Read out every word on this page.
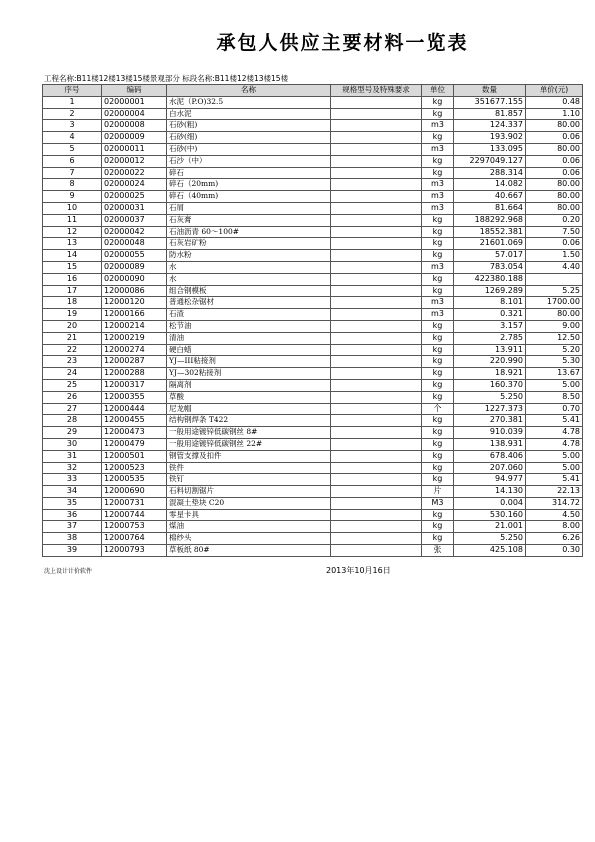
承包人供应主要材料一览表
工程名称:B11楼12楼13楼15楼景观部分 标段名称:B11楼12楼13楼15楼
序号	编码	名称	规格型号及特殊要求	单位	数量	单价(元)
1	02000001	水泥（P.O)32.5		kg	351677.155	0.48
2	02000004	白水泥		kg	81.857	1.10
3	02000008	石砂(粗)		m3	124.337	80.00
4	02000009	石砂(细)		kg	193.902	0.06
5	02000011	石砂(中)		m3	133.095	80.00
6	02000012	石沙（中）		kg	2297049.127	0.06
7	02000022	碎石		kg	288.314	0.06
8	02000024	碎石（20mm)		m3	14.082	80.00
9	02000025	碎石（40mm)		m3	40.667	80.00
10	02000031	石屑		m3	81.664	80.00
11	02000037	石灰膏		kg	188292.968	0.20
12	02000042	石油沥青 60～100#		kg	18552.381	7.50
13	02000048	石灰岩矿粉		kg	21601.069	0.06
14	02000055	防水粉		kg	57.017	1.50
15	02000089	水		m3	783.054	4.40
16	02000090	水		kg	422380.188	
17	12000086	组合钢模板		kg	1269.289	5.25
18	12000120	普通松杂锯材		m3	8.101	1700.00
19	12000166	石渣		m3	0.321	80.00
20	12000214	松节油		kg	3.157	9.00
21	12000219	清油		kg	2.785	12.50
22	12000274	硬白蜡		kg	13.911	5.20
23	12000287	YJ—III粘接剂		kg	220.990	5.30
24	12000288	YJ—302粘接剂		kg	18.921	13.67
25	12000317	隔离剂		kg	160.370	5.00
26	12000355	草酸		kg	5.250	8.50
27	12000444	尼龙帽		个	1227.373	0.70
28	12000455	结构钢焊条 T422		kg	270.381	5.41
29	12000473	一般用途镀锌低碳钢丝 8#		kg	910.039	4.78
30	12000479	一般用途镀锌低碳钢丝 22#		kg	138.931	4.78
31	12000501	钢管支撑及扣件		kg	678.406	5.00
32	12000523	铁件		kg	207.060	5.00
33	12000535	铁钉		kg	94.977	5.41
34	12000690	石料切割锯片		片	14.130	22.13
35	12000731	混凝土垫块 C20		M3	0.004	314.72
36	12000744	零星卡具		kg	530.160	4.50
37	12000753	煤油		kg	21.001	8.00
38	12000764	棉纱头		kg	5.250	6.26
39	12000793	草板纸 80#		张	425.108	0.30
沈上设计计价软件	2013年10月16日
